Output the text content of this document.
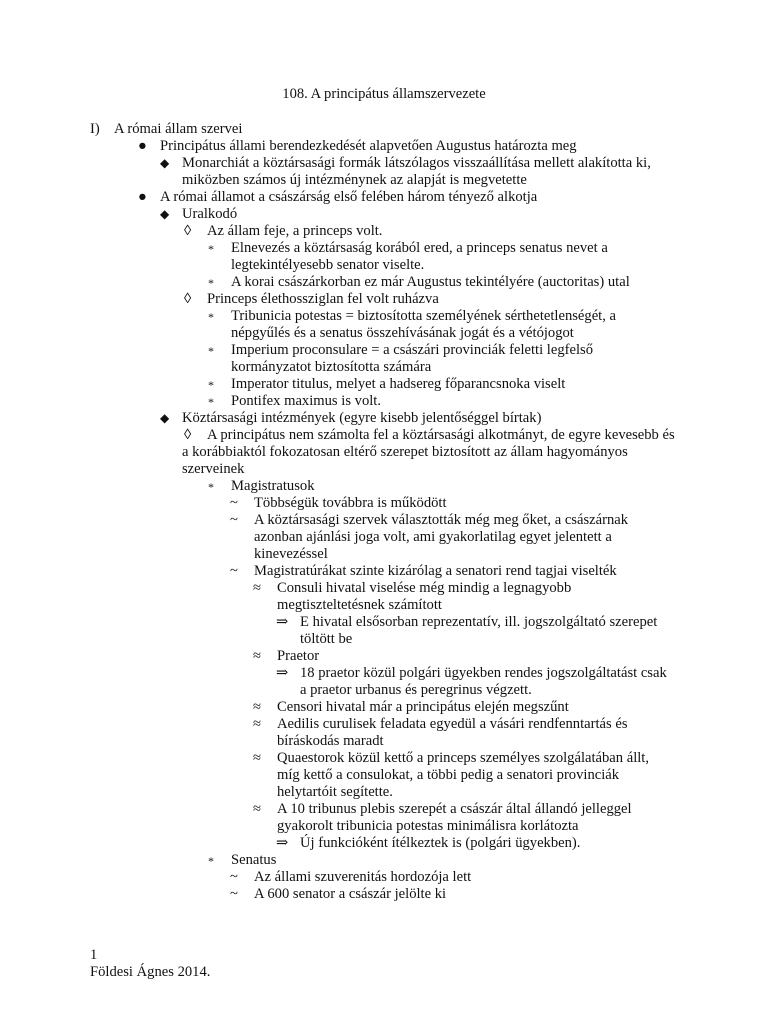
108. A principátus államszervezete
I) A római állam szervei
● Principátus állami berendezkedését alapvetően Augustus határozta meg
◆ Monarchiát a köztársasági formák látszólagos visszaállítása mellett alakította ki, miközben számos új intézménynek az alapját is megvetette
● A római államot a császárság első felében három tényező alkotja
◆ Uralkodó
◊ Az állam feje, a princeps volt.
* Elnevezés a köztársaság korából ered, a princeps senatus nevet a legtekintélyesebb senator viselte.
* A korai császárkorban ez már Augustus tekintélyére (auctoritas) utal
◊ Princeps élethossziglan fel volt ruházva
* Tribunicia potestas = biztosította személyének sérthetetlenségét, a népgyűlés és a senatus összehívásának jogát és a vétójogot
* Imperium proconsulare = a császári provinciák feletti legfelső kormányzatot biztosította számára
* Imperator titulus, melyet a hadsereg főparancsnoka viselt
* Pontifex maximus is volt.
◆ Köztársasági intézmények (egyre kisebb jelentőséggel bírtak)
◊	A principátus nem számolta fel a köztársasági alkotmányt, de egyre kevesebb és a korábbiaktól fokozatosan eltérő szerepet biztosított az állam hagyományos szerveinek
* Magistratusok
~ Többségük továbbra is működött
~ A köztársasági szervek választották még meg őket, a császárnak azonban ajánlási joga volt, ami gyakorlatilag egyet jelentett a kinevezéssel
~ Magistratúrákat szinte kizárólag a senatori rend tagjai viselték
≈ Consuli hivatal viselése még mindig a legnagyobb megtiszteltetésnek számított
⇒ E hivatal elsősorban reprezentatív, ill. jogszolgáltató szerepet töltött be
≈ Praetor
⇒ 18 praetor közül polgári ügyekben rendes jogszolgáltatást csak a praetor urbanus és peregrinus végzett.
≈ Censori hivatal már a principátus elején megszűnt
≈ Aedilis curulisek feladata egyedül a vásári rendfenntartás és bíráskodás maradt
≈ Quaestorok közül kettő a princeps személyes szolgálatában állt, míg kettő a consulokat, a többi pedig a senatori provinciák helytartóit segítette.
≈ A 10 tribunus plebis szerepét a császár által állandó jelleggel gyakorolt tribunicia potestas minimálisra korlátozta
⇒ Új funkcióként ítélkeztek is (polgári ügyekben).
* Senatus
~ Az állami szuverenitás hordozója lett
~ A 600 senator a császár jelölte ki
1
Földesi Ágnes 2014.
